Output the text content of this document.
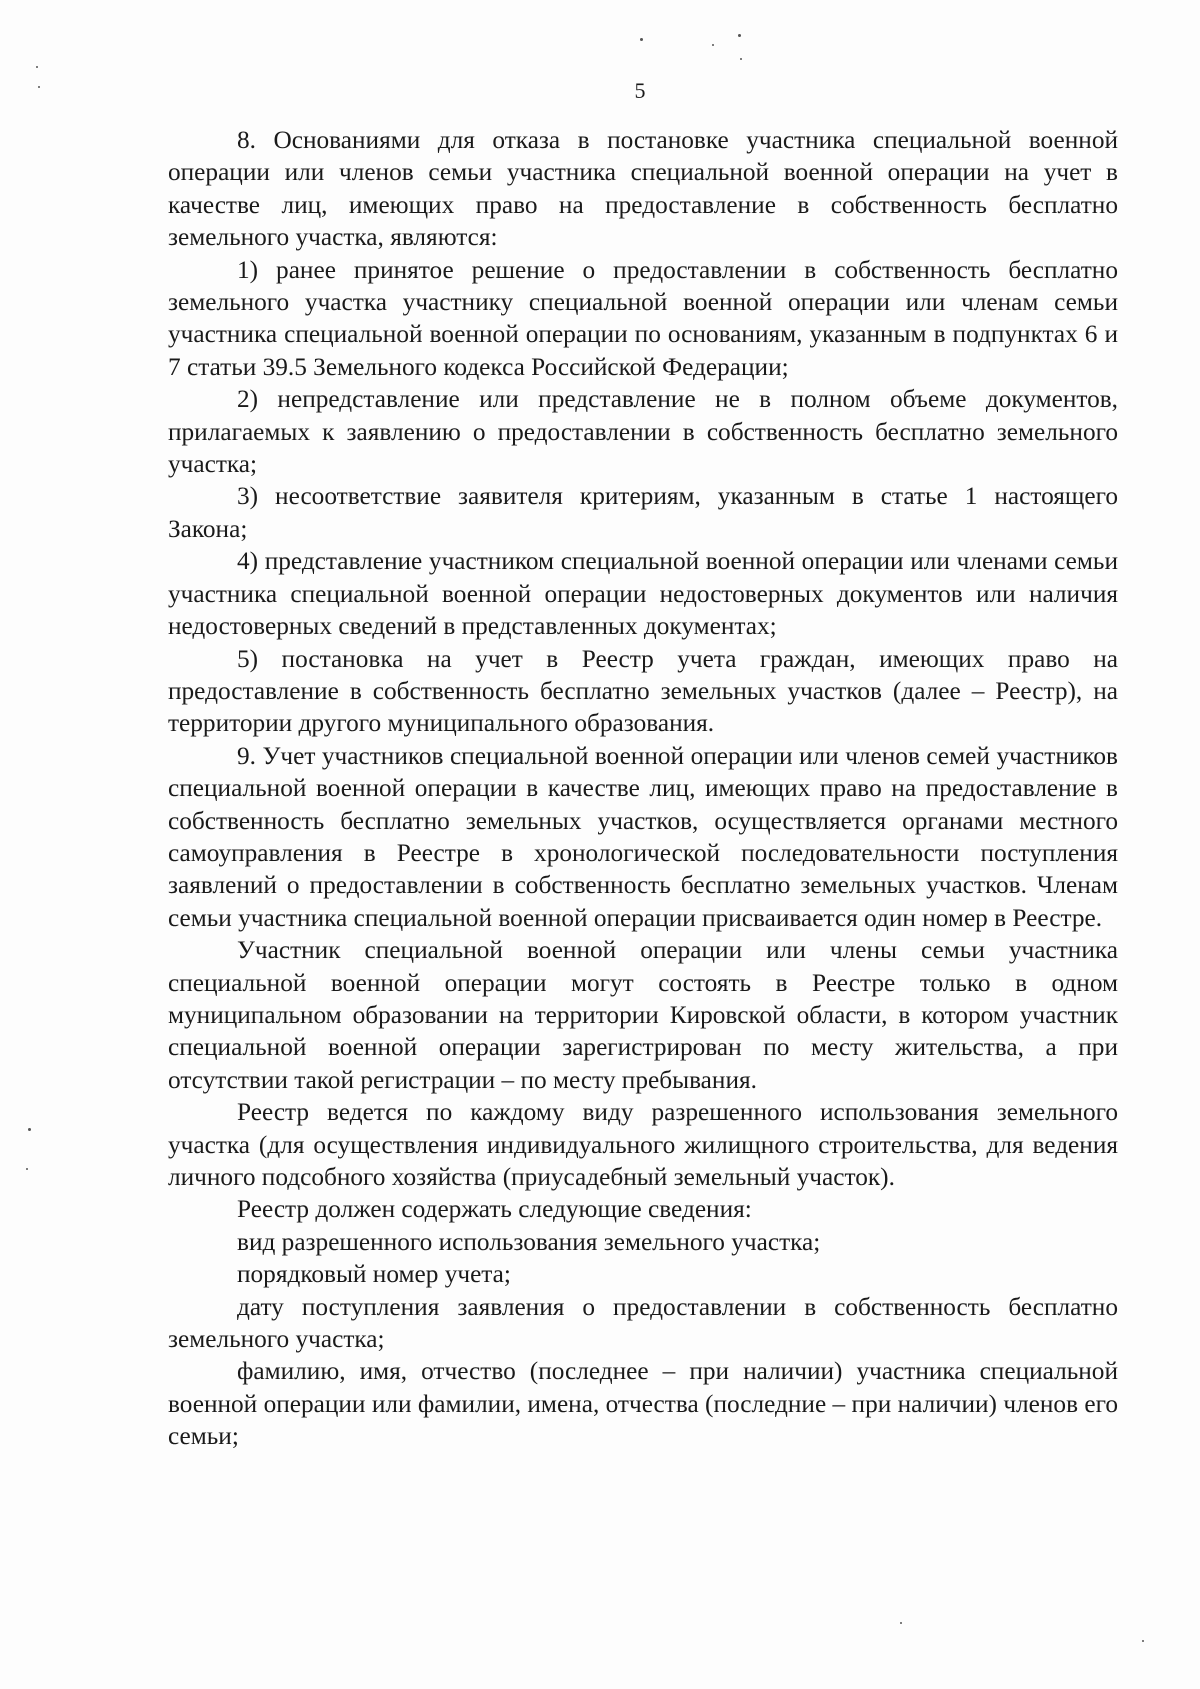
5

8. Основаниями для отказа в постановке участника специальной военной операции или членов семьи участника специальной военной операции на учет в качестве лиц, имеющих право на предоставление в собственность бесплатно земельного участка, являются:

1) ранее принятое решение о предоставлении в собственность бесплатно земельного участка участнику специальной военной операции или членам семьи участника специальной военной операции по основаниям, указанным в подпунктах 6 и 7 статьи 39.5 Земельного кодекса Российской Федерации;

2) непредставление или представление не в полном объеме документов, прилагаемых к заявлению о предоставлении в собственность бесплатно земельного участка;

3) несоответствие заявителя критериям, указанным в статье 1 настоящего Закона;

4) представление участником специальной военной операции или членами семьи участника специальной военной операции недостоверных документов или наличия недостоверных сведений в представленных документах;

5) постановка на учет в Реестр учета граждан, имеющих право на предоставление в собственность бесплатно земельных участков (далее – Реестр), на территории другого муниципального образования.

9. Учет участников специальной военной операции или членов семей участников специальной военной операции в качестве лиц, имеющих право на предоставление в собственность бесплатно земельных участков, осуществляется органами местного самоуправления в Реестре в хронологической последовательности поступления заявлений о предоставлении в собственность бесплатно земельных участков. Членам семьи участника специальной военной операции присваивается один номер в Реестре.

Участник специальной военной операции или члены семьи участника специальной военной операции могут состоять в Реестре только в одном муниципальном образовании на территории Кировской области, в котором участник специальной военной операции зарегистрирован по месту жительства, а при отсутствии такой регистрации – по месту пребывания.

Реестр ведется по каждому виду разрешенного использования земельного участка (для осуществления индивидуального жилищного строительства, для ведения личного подсобного хозяйства (приусадебный земельный участок).

Реестр должен содержать следующие сведения:

вид разрешенного использования земельного участка;

порядковый номер учета;

дату поступления заявления о предоставлении в собственность бесплатно земельного участка;

фамилию, имя, отчество (последнее – при наличии) участника специальной военной операции или фамилии, имена, отчества (последние – при наличии) членов его семьи;
